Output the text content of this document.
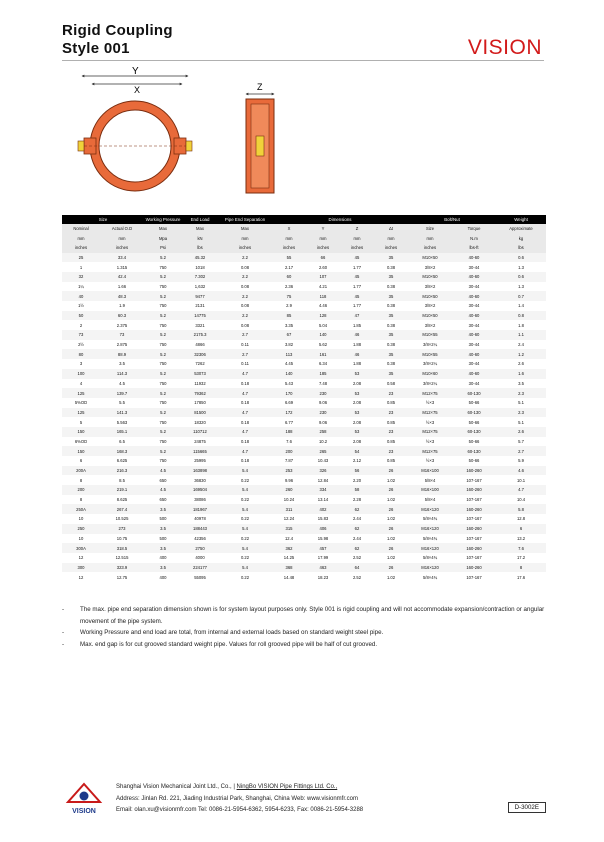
Rigid Coupling
Style 001	VISION
Y
X	Z
Size		Working Pressure	End Load	Pipe End Separation	Dimensions				Bolt/Nut		Weight
Nominal	Actual O.D	Max	Max	Max	X	Y	Z	Δt	Size	Torque	Approximate
mm	mm	Mpa	kN	mm	mm	mm	mm	mm	mm	N.m	kg
inches	inches	Psi	lbs	inches	inches	inches	inches	inches	inches	lbs-ft	lbs
25	33.4	5.2	45.32	2.2	55	66	45	35	M10×50	40-60	0.6
1	1.315	750	1018	0.08	2.17	2.60	1.77	0.38	3/8×2	30-44	1.3
32	42.4	5.2	7.302	2.2	60	107	45	35	M10×50	40-60	0.6
1¼	1.66	750	1,632	0.08	2.36	4.21	1.77	0.38	3/8×2	30-44	1.3
40	48.3	5.2	9477	2.2	75	118	45	35	M10×50	40-60	0.7
1½	1.9	750	2131	0.08	2.9	4.46	1.77	0.38	3/8×2	30-44	1.4
50	60.3	5.2	14775	2.2	85	128	47	35	M10×50	40-60	0.8
2	2.375	750	3321	0.08	3.35	5.04	1.85	0.38	3/8×2	30-44	1.8
73	73	5.2	2175.3	2.7	67	140	46	35	M10×55	40-60	1.1
2½	2.875	750	4866	0.11	3.82	5.62	1.88	0.38	3/8×2¼	30-44	2.4
80	88.9	5.2	32306	2.7	113	161	46	35	M10×55	40-60	1.2
3	3.5	750	7262	0.11	4.45	6.34	1.88	0.38	3/8×2¼	30-44	2.6
100	114.3	5.2	53073	4.7	140	185	53	35	M10×60	40-60	1.6
4	4.5	750	11932	0.18	5.43	7.48	2.08	0.58	3/8×2¼	30-44	3.5
125	139.7	5.2	79362	4.7	170	230	53	23	M12×75	60-130	2.3
5%OD	5.5	750	17850	0.18	6.69	9.06	2.08	0.85	½×3	50-66	5.1
125	141.3	5.2	81500	4.7	172	230	53	23	M12×75	60-130	2.3
5	5.563	750	18320	0.18	6.77	9.06	2.08	0.85	½×3	50-66	5.1
150	165.1	5.2	110712	4.7	188	258	53	23	M12×75	60-130	2.6
6%OD	6.5	750	24875	0.18	7.6	10.2	2.08	0.85	½×3	50-66	5.7
150	168.3	5.2	115665	4.7	200	265	54	23	M12×75	60-130	2.7
6	6.625	750	25995	0.18	7.87	10.43	2.12	0.85	½×3	50-66	5.9
200A	216.3	4.5	163898	5.4	253	326	56	26	M16×100	160-260	4.6
8	8.5	650	36830	0.22	9.96	12.84	2.20	1.02	5/8×4	107-167	10.1
200	219.1	4.5	169504	5.4	260	334	58	26	M16×100	160-260	4.7
8	8.625	650	38086	0.22	10.24	13.14	2.28	1.02	5/8×4	107-167	10.4
250A	267.4	3.5	181967	5.4	311	402	62	26	M16×120	160-260	5.8
10	10.525	500	40978	0.22	12.24	15.83	2.44	1.02	5/8×4¾	107-167	12.8
250	273	3.5	188443	5.4	315	406	62	26	M16×120	160-260	6
10	10.75	500	42356	0.22	12.4	15.98	2.44	1.02	5/8×4¾	107-167	13.2
300A	318.5	3.5	2750	5.4	362	457	62	26	M16×120	160-260	7.6
12	12.515	400	4000	0.22	14.25	17.99	2.52	1.02	5/8×4¾	107-167	17.2
300	323.9	3.5	224177	5.4	368	463	64	26	M16×120	160-260	8
12	12.75	400	55095	0.22	14.48	18.23	2.52	1.02	5/8×4¾	107-167	17.6
- The max. pipe end separation dimension shown is for system layout purposes only. Style 001 is rigid coupling and will not accommodate expansion/contraction or angular movement of the pipe system.
- Working Pressure and end load are total, from internal and external loads based on standard weight steel pipe.
- Max. end gap is for cut grooved standard weight pipe. Values for roll grooved pipe will be half of cut grooved.
VISION
Shanghai Vision Mechanical Joint Ltd., Co., | NingBo VISION Pipe Fittings Ltd. Co.,
Address: Jinlan Rd. 221, Jiading Industrial Park, Shanghai, China Web: www.visionmfr.com
Email: olan.xu@visionmfr.com Tel: 0086-21-5954-6362, 5954-6233, Fax: 0086-21-5954-3288	D-3002E
